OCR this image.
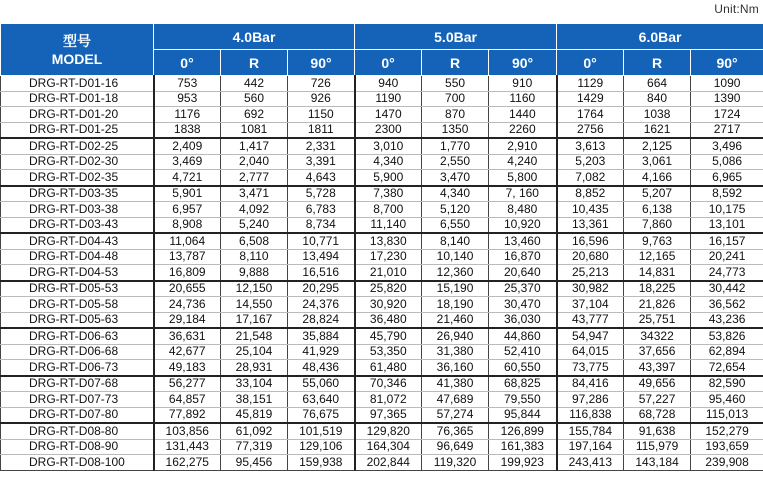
Unit:Nm
型号
MODEL	4.0Bar			5.0Bar			6.0Bar		
	0°	R	90°	0°	R	90°	0°	R	90°
DRG-RT-D01-16	753	442	726	940	550	910	1129	664	1090
DRG-RT-D01-18	953	560	926	1190	700	1160	1429	840	1390
DRG-RT-D01-20	1176	692	1150	1470	870	1440	1764	1038	1724
DRG-RT-D01-25	1838	1081	1811	2300	1350	2260	2756	1621	2717
DRG-RT-D02-25	2,409	1,417	2,331	3,010	1,770	2,910	3,613	2,125	3,496
DRG-RT-D02-30	3,469	2,040	3,391	4,340	2,550	4,240	5,203	3,061	5,086
DRG-RT-D02-35	4,721	2,777	4,643	5,900	3,470	5,800	7,082	4,166	6,965
DRG-RT-D03-35	5,901	3,471	5,728	7,380	4,340	7, 160	8,852	5,207	8,592
DRG-RT-D03-38	6,957	4,092	6,783	8,700	5,120	8,480	10,435	6,138	10,175
DRG-RT-D03-43	8,908	5,240	8,734	11,140	6,550	10,920	13,361	7,860	13,101
DRG-RT-D04-43	11,064	6,508	10,771	13,830	8,140	13,460	16,596	9,763	16,157
DRG-RT-D04-48	13,787	8,110	13,494	17,230	10,140	16,870	20,680	12,165	20,241
DRG-RT-D04-53	16,809	9,888	16,516	21,010	12,360	20,640	25,213	14,831	24,773
DRG-RT-D05-53	20,655	12,150	20,295	25,820	15,190	25,370	30,982	18,225	30,442
DRG-RT-D05-58	24,736	14,550	24,376	30,920	18,190	30,470	37,104	21,826	36,562
DRG-RT-D05-63	29,184	17,167	28,824	36,480	21,460	36,030	43,777	25,751	43,236
DRG-RT-D06-63	36,631	21,548	35,884	45,790	26,940	44,860	54,947	34322	53,826
DRG-RT-D06-68	42,677	25,104	41,929	53,350	31,380	52,410	64,015	37,656	62,894
DRG-RT-D06-73	49,183	28,931	48,436	61,480	36,160	60,550	73,775	43,397	72,654
DRG-RT-D07-68	56,277	33,104	55,060	70,346	41,380	68,825	84,416	49,656	82,590
DRG-RT-D07-73	64,857	38,151	63,640	81,072	47,689	79,550	97,286	57,227	95,460
DRG-RT-D07-80	77,892	45,819	76,675	97,365	57,274	95,844	116,838	68,728	115,013
DRG-RT-D08-80	103,856	61,092	101,519	129,820	76,365	126,899	155,784	91,638	152,279
DRG-RT-D08-90	131,443	77,319	129,106	164,304	96,649	161,383	197,164	115,979	193,659
DRG-RT-D08-100	162,275	95,456	159,938	202,844	119,320	199,923	243,413	143,184	239,908
